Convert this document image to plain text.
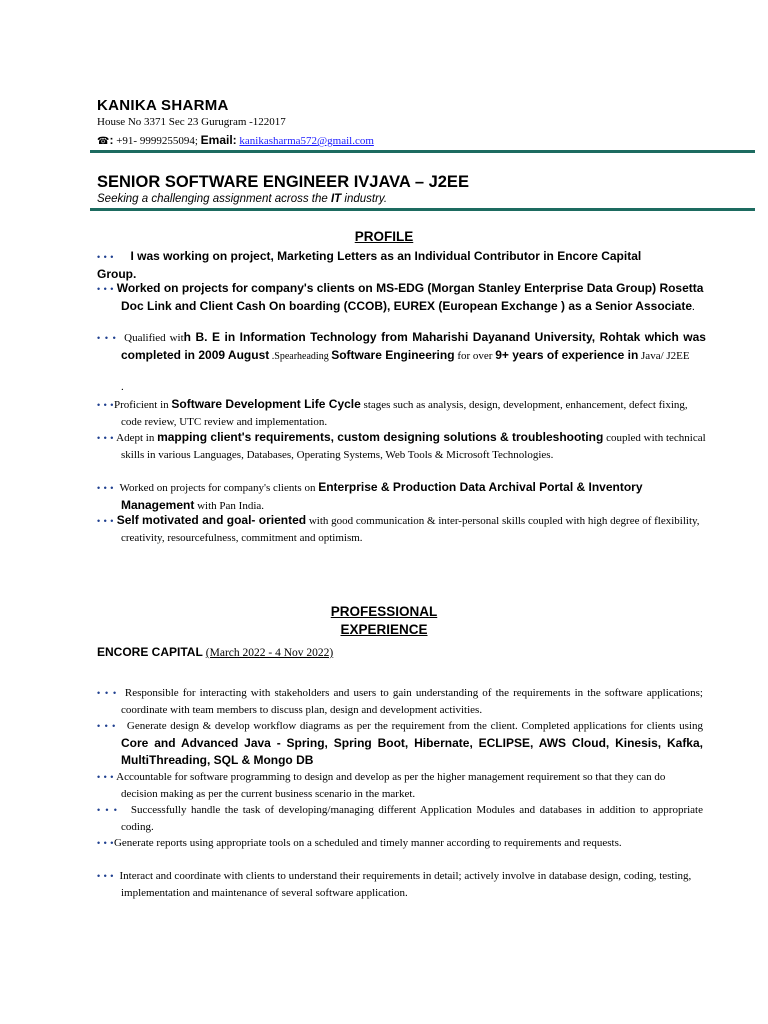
KANIKA SHARMA
House No 3371 Sec 23 Gurugram -122017
☎: +91- 9999255094; Email: kanikasharma572@gmail.com
SENIOR SOFTWARE ENGINEER IVJAVA – J2EE
Seeking a challenging assignment across the IT industry.
PROFILE
• • • I was working on project, Marketing Letters as an Individual Contributor in Encore Capital Group.
• • • Worked on projects for company's clients on MS-EDG (Morgan Stanley Enterprise Data Group) Rosetta Doc Link and Client Cash On boarding (CCOB), EUREX (European Exchange ) as a Senior Associate.
• • • Qualified with B. E in Information Technology from Maharishi Dayanand University, Rohtak which was completed in 2009 August .Spearheading Software Engineering for over 9+ years of experience in Java/ J2EE
.
• • •Proficient in Software Development Life Cycle stages such as analysis, design, development, enhancement, defect fixing, code review, UTC review and implementation.
• • • Adept in mapping client's requirements, custom designing solutions & troubleshooting coupled with technical skills in various Languages, Databases, Operating Systems, Web Tools & Microsoft Technologies.
• • • Worked on projects for company's clients on Enterprise & Production Data Archival Portal & Inventory Management with Pan India.
• • • Self motivated and goal- oriented with good communication & inter-personal skills coupled with high degree of flexibility, creativity, resourcefulness, commitment and optimism.
PROFESSIONAL
EXPERIENCE
ENCORE CAPITAL (March 2022 - 4 Nov 2022)
• • • Responsible for interacting with stakeholders and users to gain understanding of the requirements in the software applications; coordinate with team members to discuss plan, design and development activities.
• • • Generate design & develop workflow diagrams as per the requirement from the client. Completed applications for clients using Core and Advanced Java - Spring, Spring Boot, Hibernate, ECLIPSE, AWS Cloud, Kinesis, Kafka, MultiThreading, SQL & Mongo DB
• • • Accountable for software programming to design and develop as per the higher management requirement so that they can do decision making as per the current business scenario in the market.
• • • Successfully handle the task of developing/managing different Application Modules and databases in addition to appropriate coding.
• • •Generate reports using appropriate tools on a scheduled and timely manner according to requirements and requests.
• • • Interact and coordinate with clients to understand their requirements in detail; actively involve in database design, coding, testing, implementation and maintenance of several software application.
